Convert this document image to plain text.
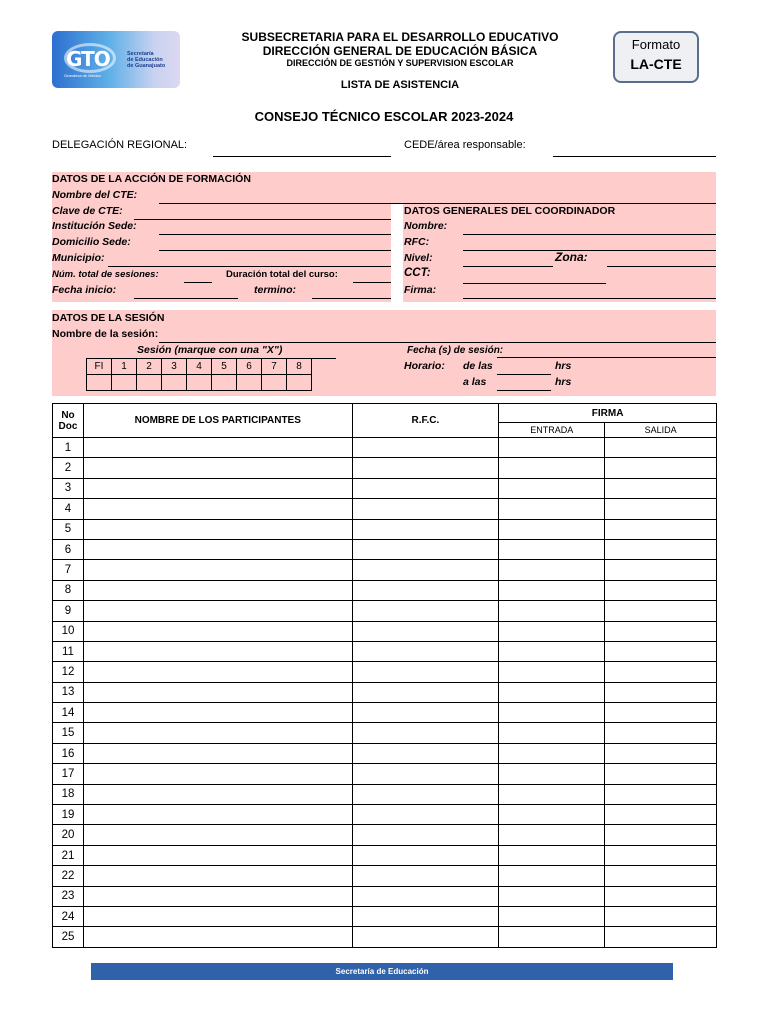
GTO
Grandeza de México
Secretaría
de Educación
de Guanajuato
SUBSECRETARIA PARA EL DESARROLLO EDUCATIVO
DIRECCIÓN GENERAL DE EDUCACIÓN BÁSICA
DIRECCIÓN DE GESTIÓN Y SUPERVISION ESCOLAR
LISTA DE ASISTENCIA
Formato
LA-CTE
CONSEJO TÉCNICO ESCOLAR 2023-2024
DELEGACIÓN REGIONAL:	CEDE/área responsable:
DATOS DE LA ACCIÓN DE FORMACIÓN
Nombre del CTE:
Clave de CTE:
Institución Sede:
Domicilio Sede:
Municipio:
Núm. total de sesiones:	Duración total del curso:
Fecha inicio:	termino:
DATOS GENERALES DEL COORDINADOR
Nombre:
RFC:
Nivel:	Zona:
CCT:
Firma:
DATOS DE LA SESIÓN
Nombre de la sesión:
Sesión (marque con una "X")
FI	1	2	3	4	5	6	7	8

Fecha (s) de sesión:
Horario: de las	hrs
a las	hrs
No
Doc	NOMBRE DE LOS PARTICIPANTES	R.F.C.	FIRMA	
			ENTRADA	SALIDA
1				
2				
3				
4				
5				
6				
7				
8				
9				
10				
11				
12				
13				
14				
15				
16				
17				
18				
19				
20				
21				
22				
23				
24				
25				
Secretaría de Educación
